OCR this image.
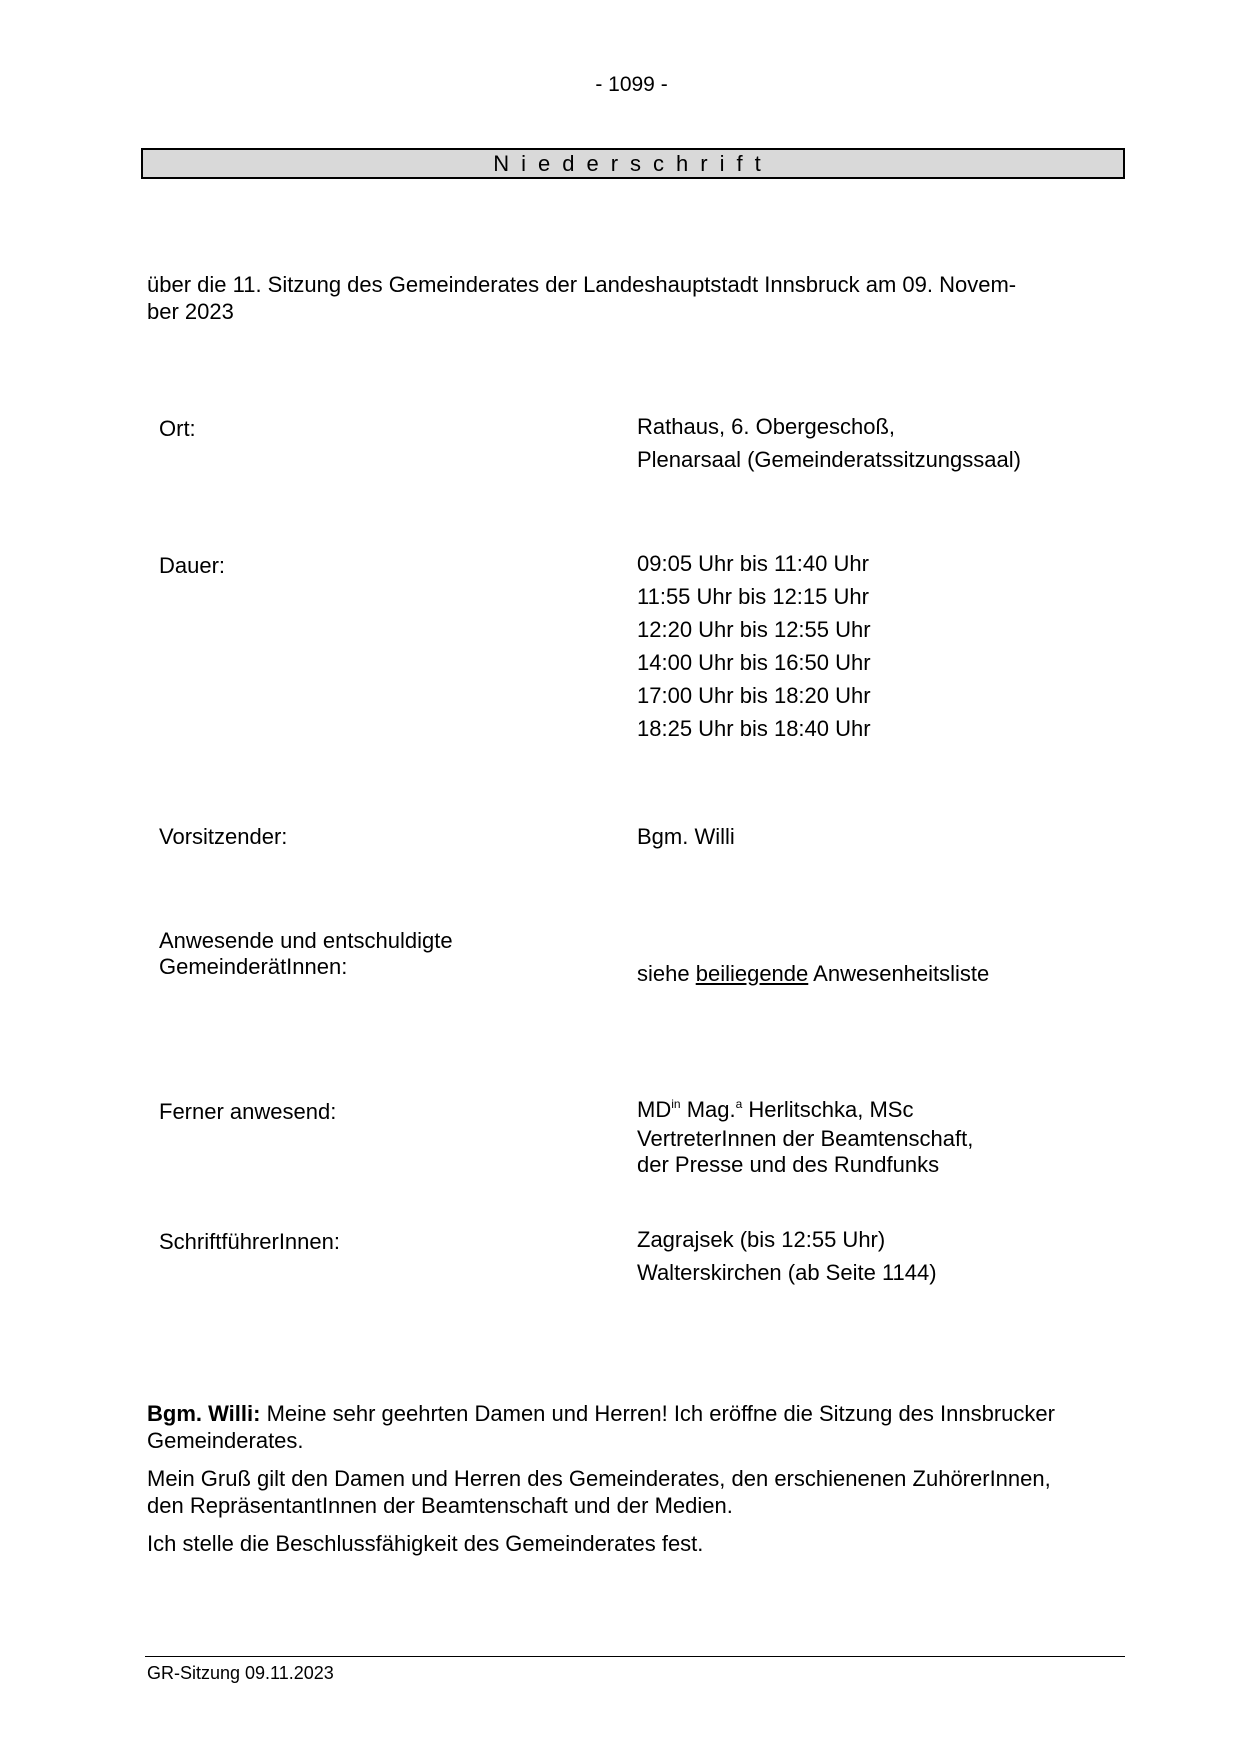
- 1099 -
Niederschrift
über die 11. Sitzung des Gemeinderates der Landeshauptstadt Innsbruck am 09. Novem-
ber 2023
Ort:	Rathaus, 6. Obergeschoß,
Plenarsaal (Gemeinderatssitzungssaal)
Dauer:	09:05 Uhr bis 11:40 Uhr
11:55 Uhr bis 12:15 Uhr
12:20 Uhr bis 12:55 Uhr
14:00 Uhr bis 16:50 Uhr
17:00 Uhr bis 18:20 Uhr
18:25 Uhr bis 18:40 Uhr
Vorsitzender:	Bgm. Willi
Anwesende und entschuldigte
GemeinderätInnen:	siehe beiliegende Anwesenheitsliste
Ferner anwesend:	$MD^{in}$ Mag.$^a$ Herlitschka, MSc
VertreterInnen der Beamtenschaft,
der Presse und des Rundfunks
SchriftführerInnen:	Zagrajsek (bis 12:55 Uhr)
Walterskirchen (ab Seite 1144)
Bgm. Willi: Meine sehr geehrten Damen und Herren! Ich eröffne die Sitzung des Innsbrucker
Gemeinderates.
Mein Gruß gilt den Damen und Herren des Gemeinderates, den erschienenen ZuhörerInnen,
den RepräsentantInnen der Beamtenschaft und der Medien.
Ich stelle die Beschlussfähigkeit des Gemeinderates fest.
GR-Sitzung 09.11.2023
